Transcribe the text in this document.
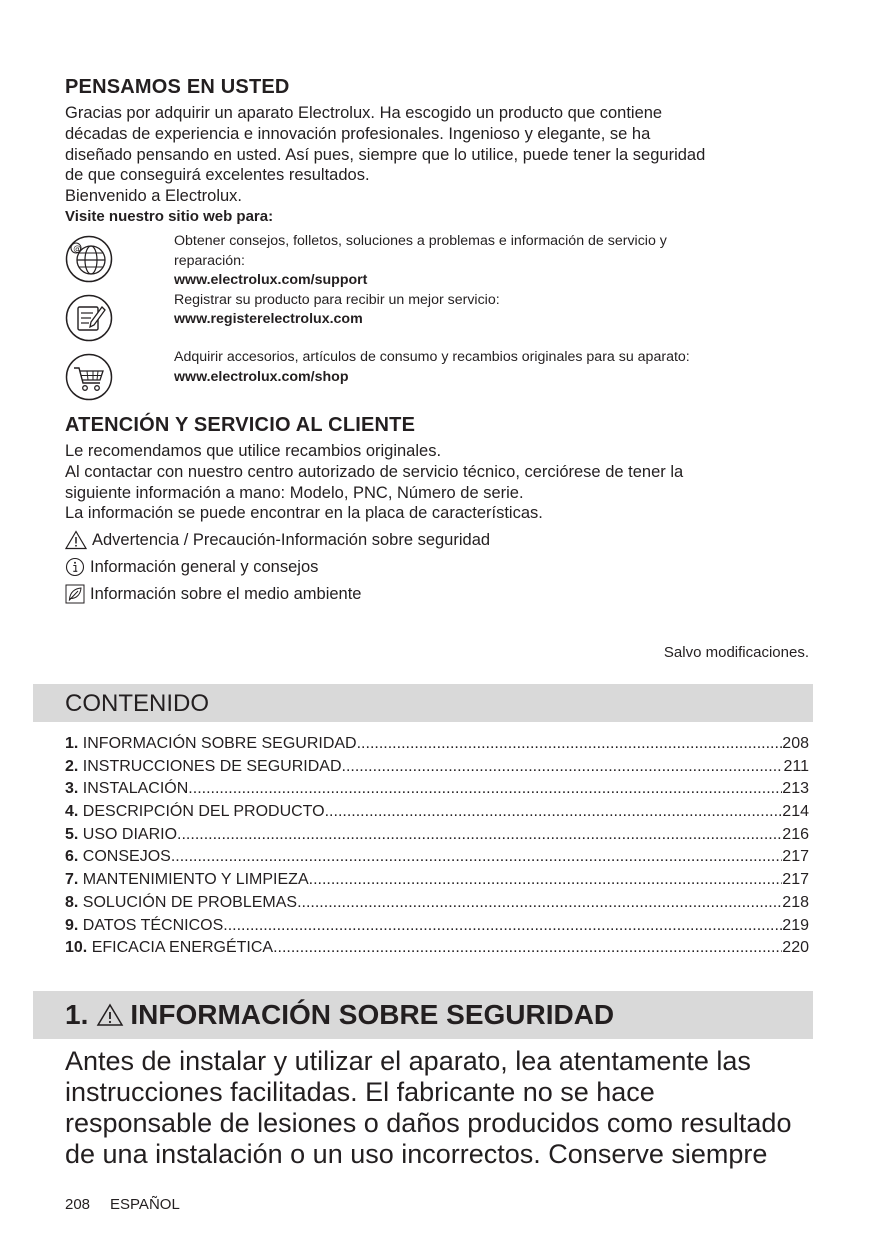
PENSAMOS EN USTED
Gracias por adquirir un aparato Electrolux. Ha escogido un producto que contiene
décadas de experiencia e innovación profesionales. Ingenioso y elegante, se ha
diseñado pensando en usted. Así pues, siempre que lo utilice, puede tener la seguridad
de que conseguirá excelentes resultados.
Bienvenido a Electrolux.
Visite nuestro sitio web para:
@	Obtener consejos, folletos, soluciones a problemas e información de servicio y
reparación:
www.electrolux.com/support
Registrar su producto para recibir un mejor servicio:
www.registerelectrolux.com
Adquirir accesorios, artículos de consumo y recambios originales para su aparato:
www.electrolux.com/shop
ATENCIÓN Y SERVICIO AL CLIENTE
Le recomendamos que utilice recambios originales.
Al contactar con nuestro centro autorizado de servicio técnico, cerciórese de tener la
siguiente información a mano: Modelo, PNC, Número de serie.
La información se puede encontrar en la placa de características.
Advertencia / Precaución-Información sobre seguridad
Información general y consejos
Información sobre el medio ambiente
Salvo modificaciones.
CONTENIDO
1. INFORMACIÓN SOBRE SEGURIDAD .....	208
2. INSTRUCCIONES DE SEGURIDAD .....	211
3. INSTALACIÓN .....	213
4. DESCRIPCIÓN DEL PRODUCTO .....	214
5. USO DIARIO .....	216
6. CONSEJOS .....	217
7. MANTENIMIENTO Y LIMPIEZA .....	217
8. SOLUCIÓN DE PROBLEMAS .....	218
9. DATOS TÉCNICOS .....	219
10. EFICACIA ENERGÉTICA .....	220
1. INFORMACIÓN SOBRE SEGURIDAD
Antes de instalar y utilizar el aparato, lea atentamente las
instrucciones facilitadas. El fabricante no se hace
responsable de lesiones o daños producidos como resultado
de una instalación o un uso incorrectos. Conserve siempre
208 ESPAÑOL
